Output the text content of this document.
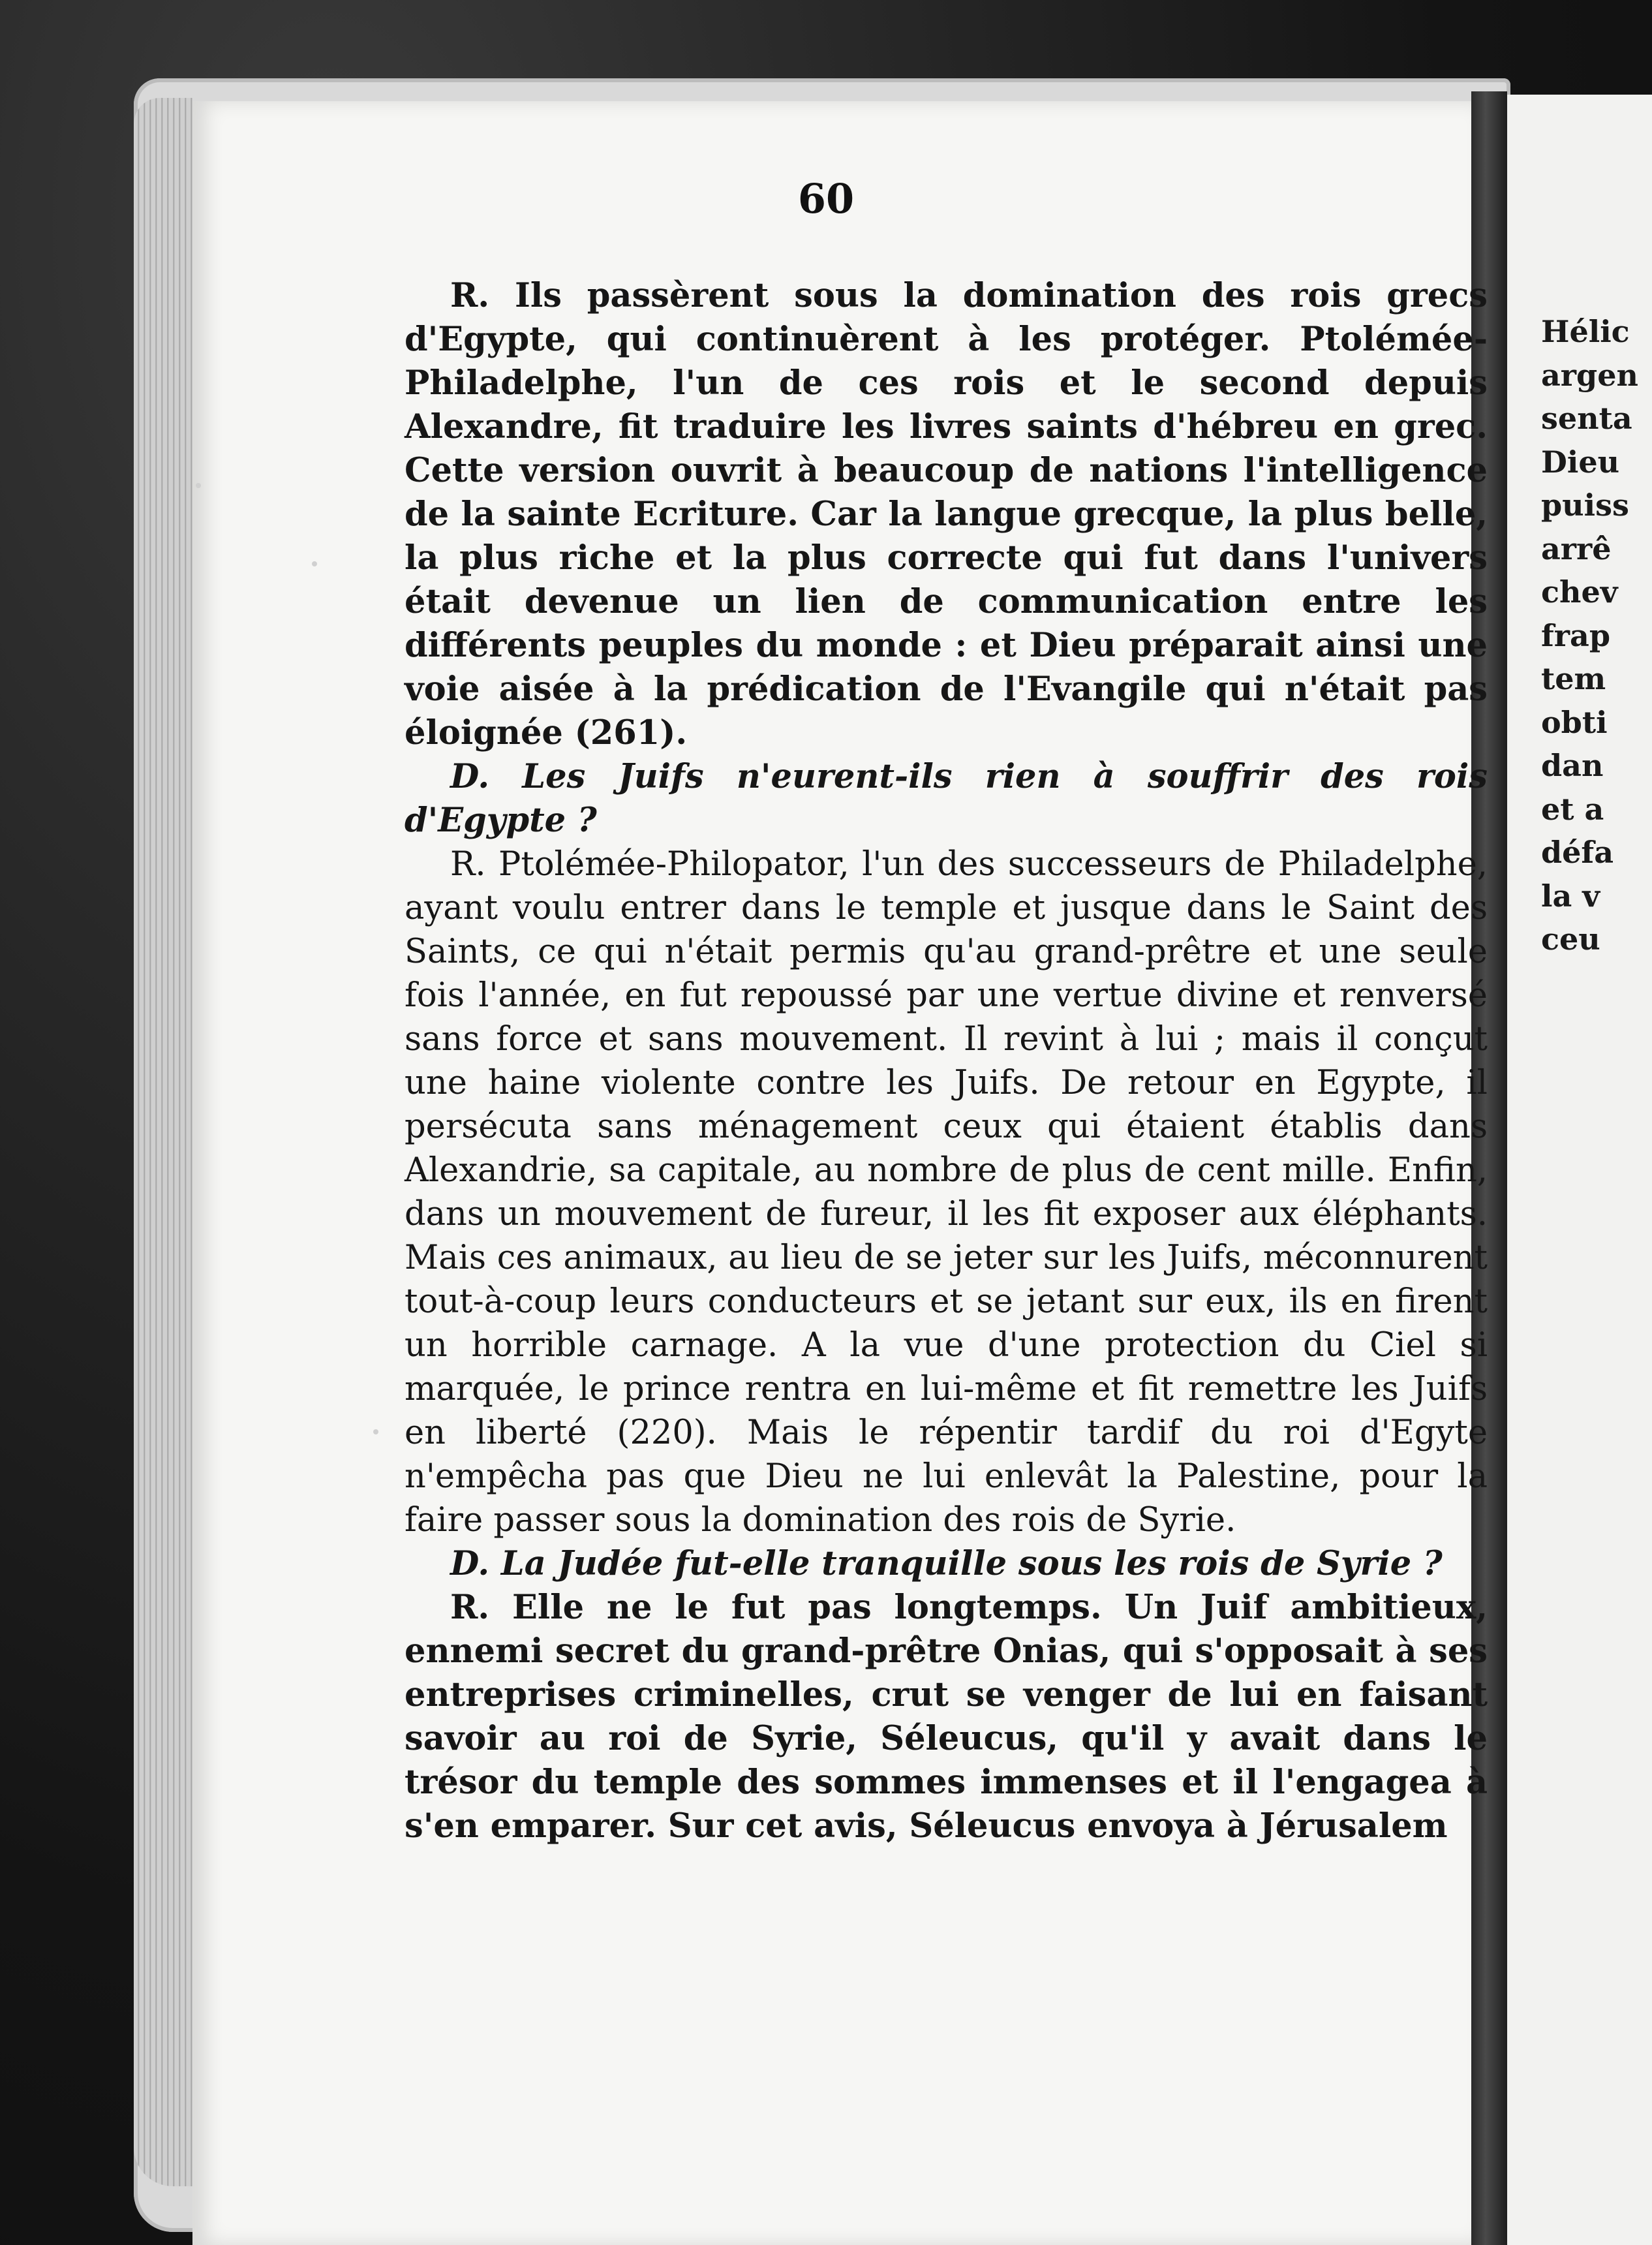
Hélic
argen
senta
Dieu
puiss
arrê
chev
frap
tem
obti
dan
et a
défa
la v
ceu
60

R. Ils passèrent sous la domination des rois grecs d'Egypte, qui continuèrent à les protéger. Ptolémée-Philadelphe, l'un de ces rois et le second depuis Alexandre, fit traduire les livres saints d'hébreu en grec. Cette version ouvrit à beaucoup de nations l'intelligence de la sainte Ecriture. Car la langue grecque, la plus belle, la plus riche et la plus correcte qui fut dans l'univers était devenue un lien de communication entre les différents peuples du monde : et Dieu préparait ainsi une voie aisée à la prédication de l'Evangile qui n'était pas éloignée (261).

D. Les Juifs n'eurent-ils rien à souffrir des rois d'Egypte ?

R. Ptolémée-Philopator, l'un des successeurs de Philadelphe, ayant voulu entrer dans le temple et jusque dans le Saint des Saints, ce qui n'était permis qu'au grand-prêtre et une seule fois l'année, en fut repoussé par une vertue divine et renversé sans force et sans mouvement. Il revint à lui ; mais il conçut une haine violente contre les Juifs. De retour en Egypte, il persécuta sans ménagement ceux qui étaient établis dans Alexandrie, sa capitale, au nombre de plus de cent mille. Enfin, dans un mouvement de fureur, il les fit exposer aux éléphants. Mais ces animaux, au lieu de se jeter sur les Juifs, méconnurent tout-à-coup leurs conducteurs et se jetant sur eux, ils en firent un horrible carnage. A la vue d'une protection du Ciel si marquée, le prince rentra en lui-même et fit remettre les Juifs en liberté (220). Mais le répentir tardif du roi d'Egyte n'empêcha pas que Dieu ne lui enlevât la Palestine, pour la faire passer sous la domination des rois de Syrie.

D. La Judée fut-elle tranquille sous les rois de Syrie ?

R. Elle ne le fut pas longtemps. Un Juif ambitieux, ennemi secret du grand-prêtre Onias, qui s'opposait à ses entreprises criminelles, crut se venger de lui en faisant savoir au roi de Syrie, Séleucus, qu'il y avait dans le trésor du temple des sommes immenses et il l'engagea à s'en emparer. Sur cet avis, Séleucus envoya à Jérusalem
